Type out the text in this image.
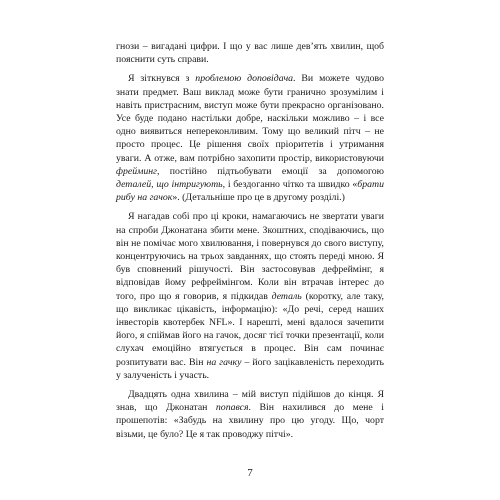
гнози – вигадані цифри. І що у вас лише дев’ять хвилин, щоб пояснити суть справи.

Я зіткнувся з проблемою доповідача. Ви можете чудово знати предмет. Ваш виклад може бути гранично зрозумілим і навіть пристрасним, виступ може бути прекрасно організовано. Усе буде подано настільки добре, наскільки можливо – і все одно виявиться непереконливим. Тому що великий пітч – не просто процес. Це рішення своїх пріоритетів і утримання уваги. А отже, вам потрібно захопити простір, використовуючи фрейминг, постійно підтьобувати емоції за допомогою деталей, що інтригують, і бездоганно чітко та швидко «брати рибу на гачок». (Детальніше про це в другому розділі.)

Я нагадав собі про ці кроки, намагаючись не звертати уваги на спроби Джонатана збити мене. Зкоштних, сподіваючись, що він не помічає мого хвилювання, і повернувся до свого виступу, концентруючись на трьох завданнях, що стоять переді мною. Я був сповнений рішучості. Він застосовував дефреймінг, я відповідав йому рефреймінгом. Коли він втрачав інтерес до того, про що я говорив, я підкидав деталь (коротку, але таку, що викликає цікавість, інформацію): «До речі, серед наших інвесторів квотербек NFL». І нарешті, мені вдалося зачепити його, я спіймав його на гачок, досяг тієї точки презентації, коли слухач емоційно втягується в процес. Він сам починає розпитувати вас. Він на гачку – його зацікавленість переходить у залученість і участь.

Двадцять одна хвилина – мій виступ підійшов до кінця. Я знав, що Джонатан попався. Він нахилився до мене і прошепотів: «Забудь на хвилину про цю угоду. Що, чорт візьми, це було? Це я так проводжу пітчі».

7
